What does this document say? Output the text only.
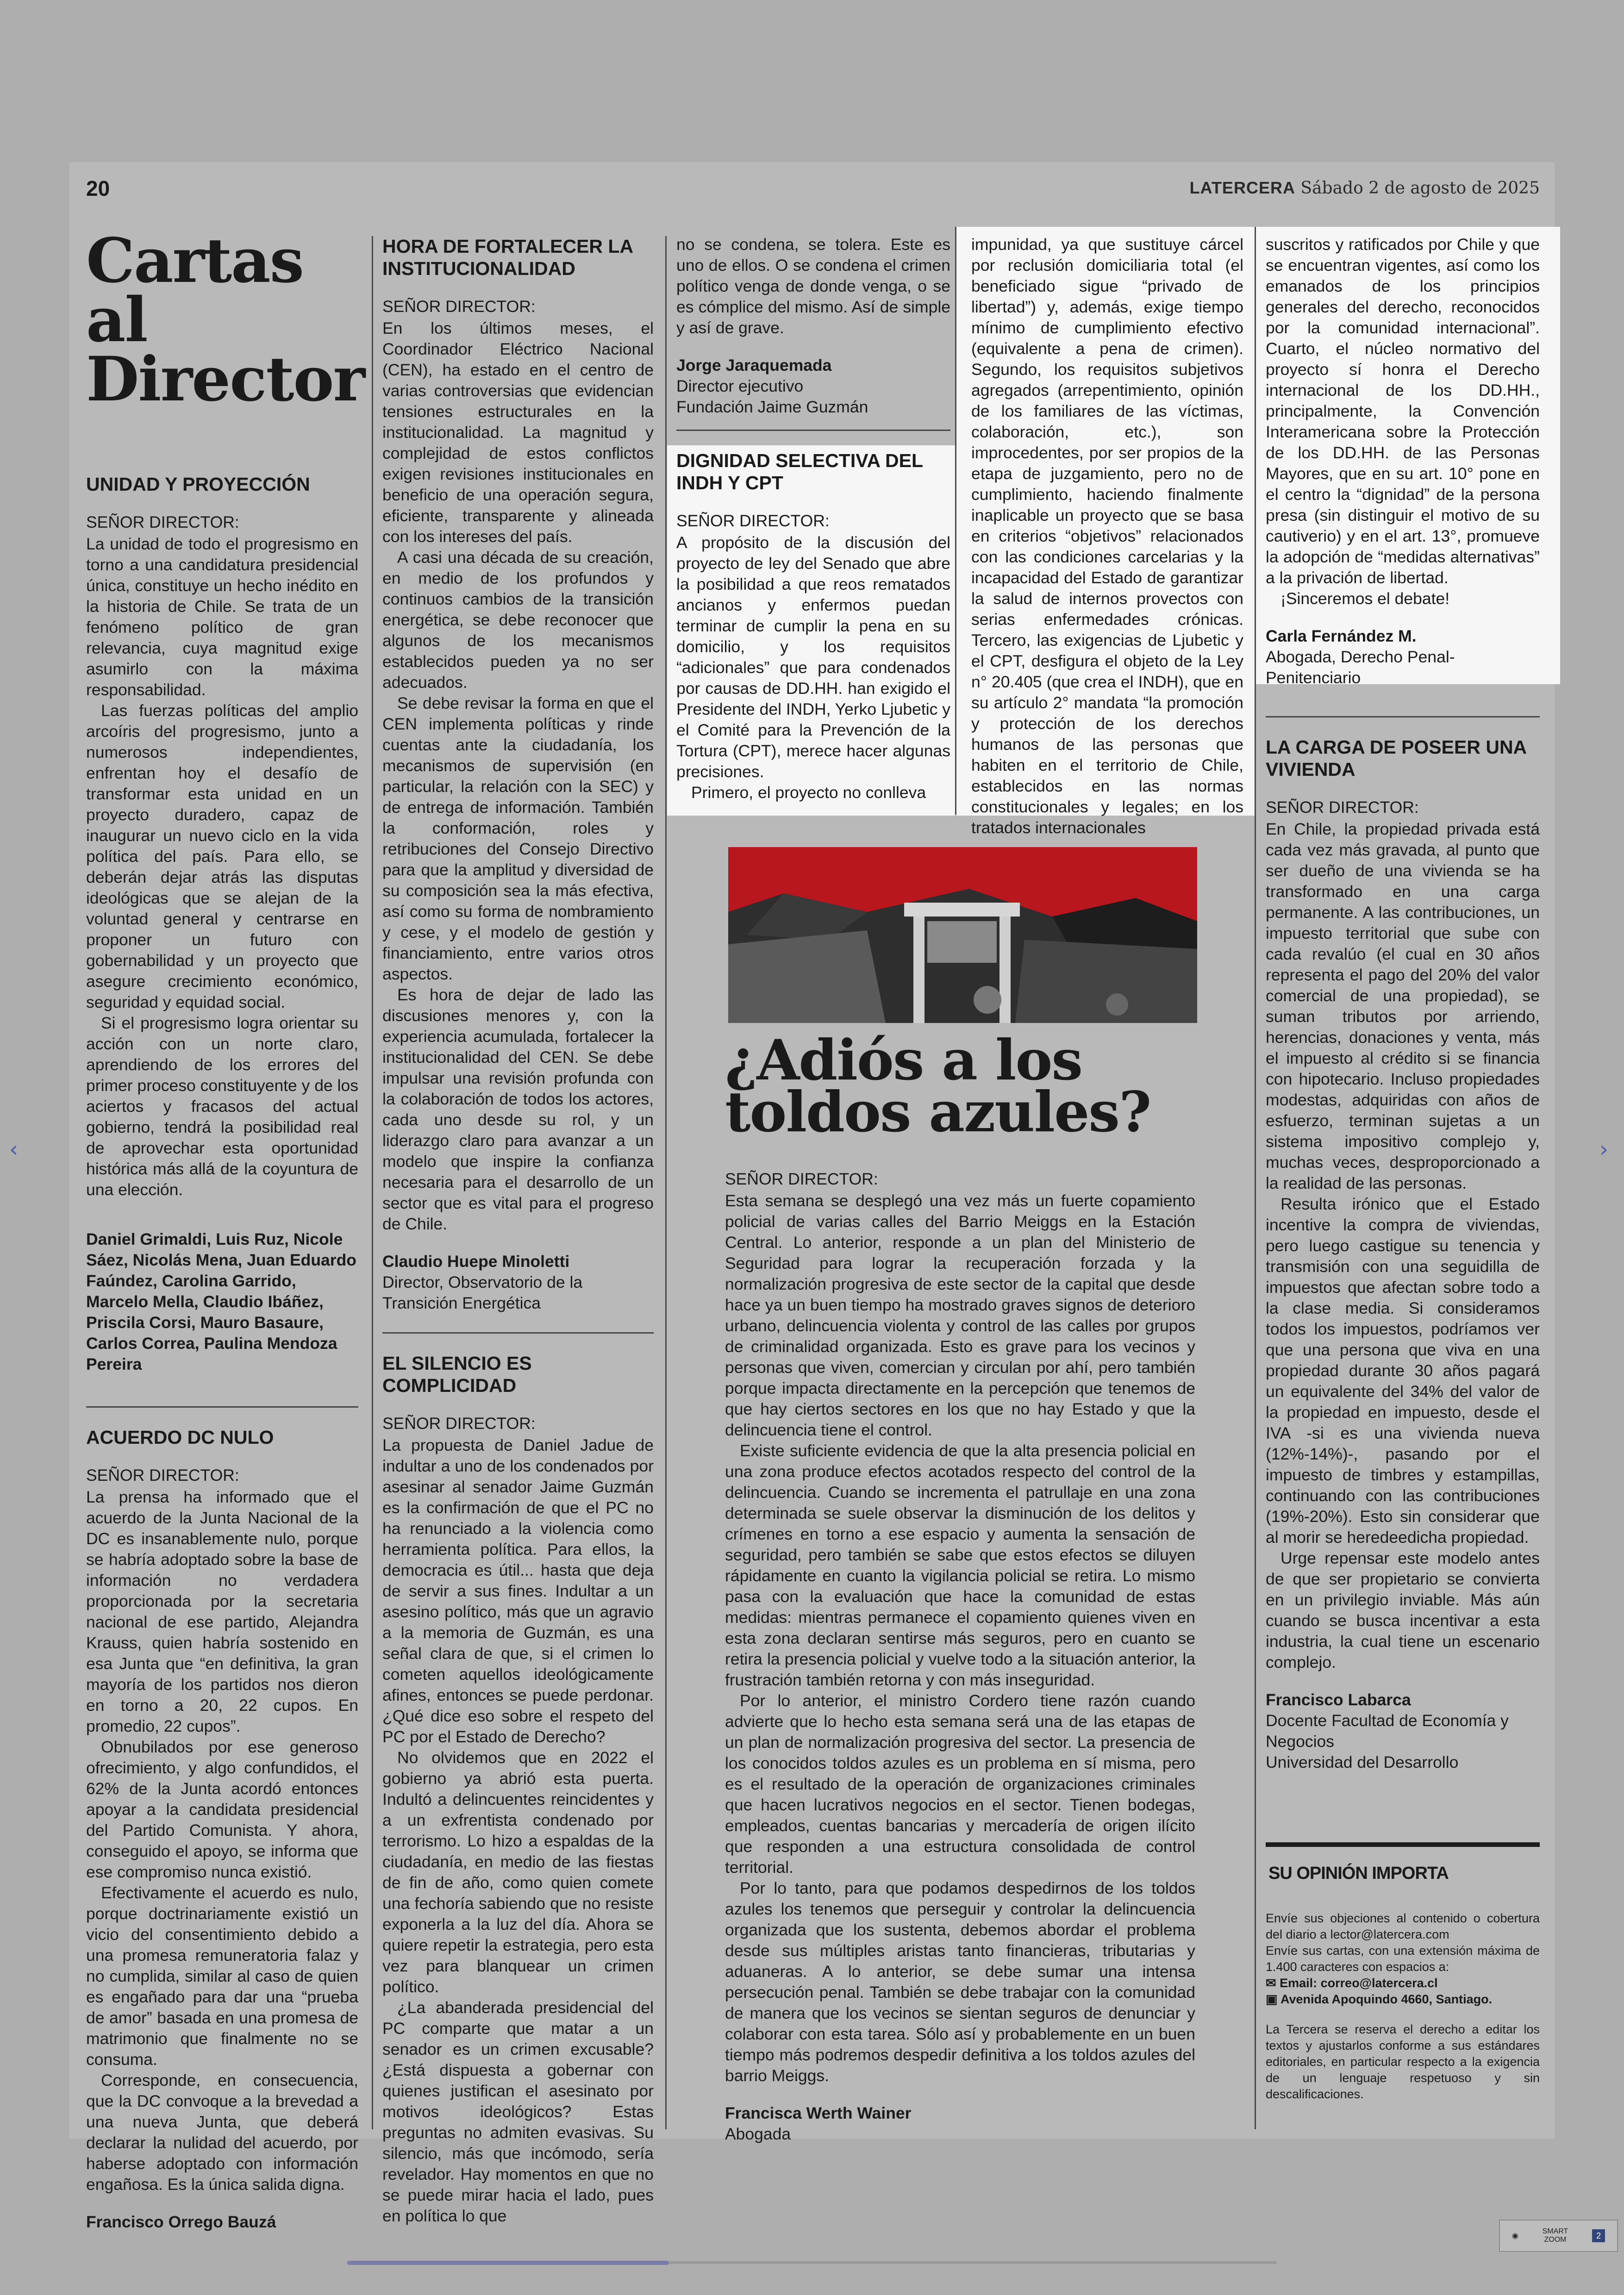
20	LATERCERA Sábado 2 de agosto de 2025
Cartas al Director
UNIDAD Y PROYECCIÓN
SEÑOR DIRECTOR:

La unidad de todo el progresismo en torno a una candidatura presidencial única, constituye un hecho inédito en la historia de Chile. Se trata de un fenómeno político de gran relevancia, cuya magnitud exige asumirlo con la máxima responsabilidad.

Las fuerzas políticas del amplio arcoíris del progresismo, junto a numerosos independientes, enfrentan hoy el desafío de transformar esta unidad en un proyecto duradero, capaz de inaugurar un nuevo ciclo en la vida política del país. Para ello, se deberán dejar atrás las disputas ideológicas que se alejan de la voluntad general y centrarse en proponer un futuro con gobernabilidad y un proyecto que asegure crecimiento económico, seguridad y equidad social.

Si el progresismo logra orientar su acción con un norte claro, aprendiendo de los errores del primer proceso constituyente y de los aciertos y fracasos del actual gobierno, tendrá la posibilidad real de aprovechar esta oportunidad histórica más allá de la coyuntura de una elección.

Daniel Grimaldi, Luis Ruz, Nicole Sáez, Nicolás Mena, Juan Eduardo Faúndez, Carolina Garrido, Marcelo Mella, Claudio Ibáñez, Priscila Corsi, Mauro Basaure, Carlos Correa, Paulina Mendoza Pereira
ACUERDO DC NULO
SEÑOR DIRECTOR:

La prensa ha informado que el acuerdo de la Junta Nacional de la DC es insanablemente nulo, porque se habría adoptado sobre la base de información no verdadera proporcionada por la secretaria nacional de ese partido, Alejandra Krauss, quien habría sostenido en esa Junta que “en definitiva, la gran mayoría de los partidos nos dieron en torno a 20, 22 cupos. En promedio, 22 cupos”.

Obnubilados por ese generoso ofrecimiento, y algo confundidos, el 62% de la Junta acordó entonces apoyar a la candidata presidencial del Partido Comunista. Y ahora, conseguido el apoyo, se informa que ese compromiso nunca existió.

Efectivamente el acuerdo es nulo, porque doctrinariamente existió un vicio del consentimiento debido a una promesa remuneratoria falaz y no cumplida, similar al caso de quien es engañado para dar una “prueba de amor” basada en una promesa de matrimonio que finalmente no se consuma.

Corresponde, en consecuencia, que la DC convoque a la brevedad a una nueva Junta, que deberá declarar la nulidad del acuerdo, por haberse adoptado con información engañosa. Es la única salida digna.

Francisco Orrego Bauzá
HORA DE FORTALECER LA INSTITUCIONALIDAD
SEÑOR DIRECTOR:

En los últimos meses, el Coordinador Eléctrico Nacional (CEN), ha estado en el centro de varias controversias que evidencian tensiones estructurales en la institucionalidad. La magnitud y complejidad de estos conflictos exigen revisiones institucionales en beneficio de una operación segura, eficiente, transparente y alineada con los intereses del país.

A casi una década de su creación, en medio de los profundos y continuos cambios de la transición energética, se debe reconocer que algunos de los mecanismos establecidos pueden ya no ser adecuados.

Se debe revisar la forma en que el CEN implementa políticas y rinde cuentas ante la ciudadanía, los mecanismos de supervisión (en particular, la relación con la SEC) y de entrega de información. También la conformación, roles y retribuciones del Consejo Directivo para que la amplitud y diversidad de su composición sea la más efectiva, así como su forma de nombramiento y cese, y el modelo de gestión y financiamiento, entre varios otros aspectos.

Es hora de dejar de lado las discusiones menores y, con la experiencia acumulada, fortalecer la institucionalidad del CEN. Se debe impulsar una revisión profunda con la colaboración de todos los actores, cada uno desde su rol, y un liderazgo claro para avanzar a un modelo que inspire la confianza necesaria para el desarrollo de un sector que es vital para el progreso de Chile.

Claudio Huepe Minoletti
Director, Observatorio de la Transición Energética
EL SILENCIO ES COMPLICIDAD
SEÑOR DIRECTOR:

La propuesta de Daniel Jadue de indultar a uno de los condenados por asesinar al senador Jaime Guzmán es la confirmación de que el PC no ha renunciado a la violencia como herramienta política. Para ellos, la democracia es útil... hasta que deja de servir a sus fines. Indultar a un asesino político, más que un agravio a la memoria de Guzmán, es una señal clara de que, si el crimen lo cometen aquellos ideológicamente afines, entonces se puede perdonar. ¿Qué dice eso sobre el respeto del PC por el Estado de Derecho?

No olvidemos que en 2022 el gobierno ya abrió esta puerta. Indultó a delincuentes reincidentes y a un exfrentista condenado por terrorismo. Lo hizo a espaldas de la ciudadanía, en medio de las fiestas de fin de año, como quien comete una fechoría sabiendo que no resiste exponerla a la luz del día. Ahora se quiere repetir la estrategia, pero esta vez para blanquear un crimen político.

¿La abanderada presidencial del PC comparte que matar a un senador es un crimen excusable? ¿Está dispuesta a gobernar con quienes justifican el asesinato por motivos ideológicos? Estas preguntas no admiten evasivas. Su silencio, más que incómodo, sería revelador. Hay momentos en que no se puede mirar hacia el lado, pues en política lo que

no se condena, se tolera. Este es uno de ellos. O se condena el crimen político venga de donde venga, o se es cómplice del mismo. Así de simple y así de grave.

Jorge Jaraquemada
Director ejecutivo
Fundación Jaime Guzmán
DIGNIDAD SELECTIVA DEL INDH Y CPT
SEÑOR DIRECTOR:

A propósito de la discusión del proyecto de ley del Senado que abre la posibilidad a que reos rematados ancianos y enfermos puedan terminar de cumplir la pena en su domicilio, y los requisitos “adicionales” que para condenados por causas de DD.HH. han exigido el Presidente del INDH, Yerko Ljubetic y el Comité para la Prevención de la Tortura (CPT), merece hacer algunas precisiones.

Primero, el proyecto no conlleva

impunidad, ya que sustituye cárcel por reclusión domiciliaria total (el beneficiado sigue “privado de libertad”) y, además, exige tiempo mínimo de cumplimiento efectivo (equivalente a pena de crimen). Segundo, los requisitos subjetivos agregados (arrepentimiento, opinión de los familiares de las víctimas, colaboración, etc.), son improcedentes, por ser propios de la etapa de juzgamiento, pero no de cumplimiento, haciendo finalmente inaplicable un proyecto que se basa en criterios “objetivos” relacionados con las condiciones carcelarias y la incapacidad del Estado de garantizar la salud de internos provectos con serias enfermedades crónicas. Tercero, las exigencias de Ljubetic y el CPT, desfigura el objeto de la Ley n° 20.405 (que crea el INDH), que en su artículo 2° mandata “la promoción y protección de los derechos humanos de las personas que habiten en el territorio de Chile, establecidos en las normas constitucionales y legales; en los tratados internacionales

suscritos y ratificados por Chile y que se encuentran vigentes, así como los emanados de los principios generales del derecho, reconocidos por la comunidad internacional”. Cuarto, el núcleo normativo del proyecto sí honra el Derecho internacional de los DD.HH., principalmente, la Convención Interamericana sobre la Protección de los DD.HH. de las Personas Mayores, que en su art. 10° pone en el centro la “dignidad” de la persona presa (sin distinguir el motivo de su cautiverio) y en el art. 13°, promueve la adopción de “medidas alternativas” a la privación de libertad.

¡Sinceremos el debate!

Carla Fernández M.
Abogada, Derecho Penal-Penitenciario
LA CARGA DE POSEER UNA VIVIENDA
SEÑOR DIRECTOR:

En Chile, la propiedad privada está cada vez más gravada, al punto que ser dueño de una vivienda se ha transformado en una carga permanente. A las contribuciones, un impuesto territorial que sube con cada revalúo (el cual en 30 años representa el pago del 20% del valor comercial de una propiedad), se suman tributos por arriendo, herencias, donaciones y venta, más el impuesto al crédito si se financia con hipotecario. Incluso propiedades modestas, adquiridas con años de esfuerzo, terminan sujetas a un sistema impositivo complejo y, muchas veces, desproporcionado a la realidad de las personas.

Resulta irónico que el Estado incentive la compra de viviendas, pero luego castigue su tenencia y transmisión con una seguidilla de impuestos que afectan sobre todo a la clase media. Si consideramos todos los impuestos, podríamos ver que una persona que viva en una propiedad durante 30 años pagará un equivalente del 34% del valor de la propiedad en impuesto, desde el IVA -si es una vivienda nueva (12%-14%)-, pasando por el impuesto de timbres y estampillas, continuando con las contribuciones (19%-20%). Esto sin considerar que al morir se heredeedicha propiedad.

Urge repensar este modelo antes de que ser propietario se convierta en un privilegio inviable. Más aún cuando se busca incentivar a esta industria, la cual tiene un escenario complejo.

Francisco Labarca
Docente Facultad de Economía y Negocios
Universidad del Desarrollo
SU OPINIÓN IMPORTA
Envíe sus objeciones al contenido o cobertura del diario a lector@latercera.com
Envíe sus cartas, con una extensión máxima de 1.400 caracteres con espacios a:
✉ Email: correo@latercera.cl
▣ Avenida Apoquindo 4660, Santiago.
La Tercera se reserva el derecho a editar los textos y ajustarlos conforme a sus estándares editoriales, en particular respecto a la exigencia de un lenguaje respetuoso y sin descalificaciones.
¿Adiós a los toldos azules?
SEÑOR DIRECTOR:

Esta semana se desplegó una vez más un fuerte copamiento policial de varias calles del Barrio Meiggs en la Estación Central. Lo anterior, responde a un plan del Ministerio de Seguridad para lograr la recuperación forzada y la normalización progresiva de este sector de la capital que desde hace ya un buen tiempo ha mostrado graves signos de deterioro urbano, delincuencia violenta y control de las calles por grupos de criminalidad organizada. Esto es grave para los vecinos y personas que viven, comercian y circulan por ahí, pero también porque impacta directamente en la percepción que tenemos de que hay ciertos sectores en los que no hay Estado y que la delincuencia tiene el control.

Existe suficiente evidencia de que la alta presencia policial en una zona produce efectos acotados respecto del control de la delincuencia. Cuando se incrementa el patrullaje en una zona determinada se suele observar la disminución de los delitos y crímenes en torno a ese espacio y aumenta la sensación de seguridad, pero también se sabe que estos efectos se diluyen rápidamente en cuanto la vigilancia policial se retira. Lo mismo pasa con la evaluación que hace la comunidad de estas medidas: mientras permanece el copamiento quienes viven en esta zona declaran sentirse más seguros, pero en cuanto se retira la presencia policial y vuelve todo a la situación anterior, la frustración también retorna y con más inseguridad.

Por lo anterior, el ministro Cordero tiene razón cuando advierte que lo hecho esta semana será una de las etapas de un plan de normalización progresiva del sector. La presencia de los conocidos toldos azules es un problema en sí misma, pero es el resultado de la operación de organizaciones criminales que hacen lucrativos negocios en el sector. Tienen bodegas, empleados, cuentas bancarias y mercadería de origen ilícito que responden a una estructura consolidada de control territorial.

Por lo tanto, para que podamos despedirnos de los toldos azules los tenemos que perseguir y controlar la delincuencia organizada que los sustenta, debemos abordar el problema desde sus múltiples aristas tanto financieras, tributarias y aduaneras. A lo anterior, se debe sumar una intensa persecución penal. También se debe trabajar con la comunidad de manera que los vecinos se sientan seguros de denunciar y colaborar con esta tarea. Sólo así y probablemente en un buen tiempo más podremos despedir definitiva a los toldos azules del barrio Meiggs.

Francisca Werth Wainer
Abogada
‹	›
◉
SMART
ZOOM	2
